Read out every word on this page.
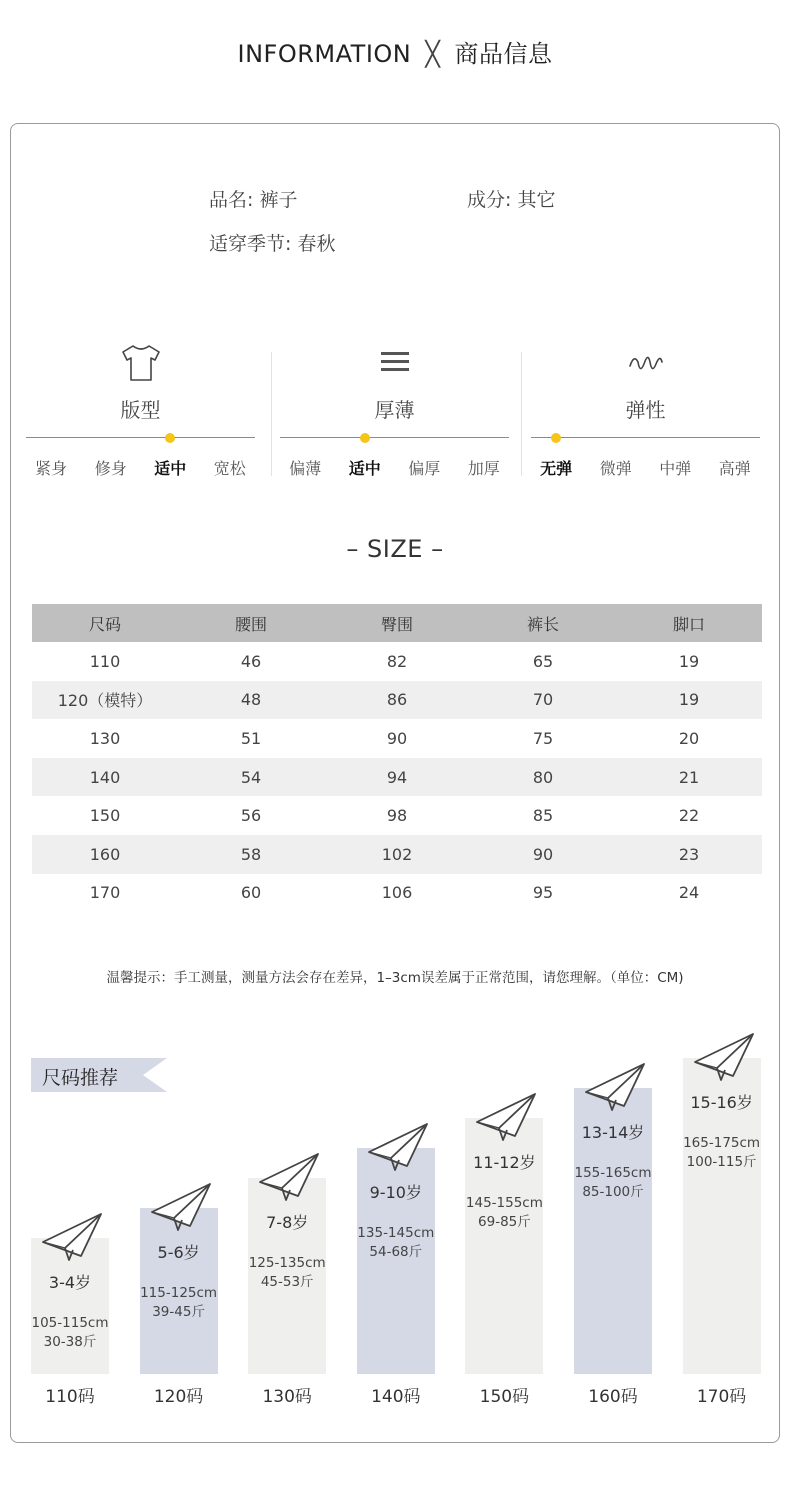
INFORMATION ╳ 商品信息
品名: 裤子	成分: 其它
适穿季节: 春秋
版型
紧身 修身 适中 宽松
厚薄
偏薄 适中 偏厚 加厚
弹性
无弹 微弹 中弹 高弹
– SIZE –
尺码	腰围	臀围	裤长	脚口
110	46	82	65	19
120（模特）	48	86	70	19
130	51	90	75	20
140	54	94	80	21
150	56	98	85	22
160	58	102	90	23
170	60	106	95	24
温馨提示：手工测量，测量方法会存在差异，1–3cm误差属于正常范围，请您理解。（单位：CM)
尺码推荐
3-4岁
105-115cm
30-38斤
110码
5-6岁
115-125cm
39-45斤
120码
7-8岁
125-135cm
45-53斤
130码
9-10岁
135-145cm
54-68斤
140码
11-12岁
145-155cm
69-85斤
150码
13-14岁
155-165cm
85-100斤
160码
15-16岁
165-175cm
100-115斤
170码
